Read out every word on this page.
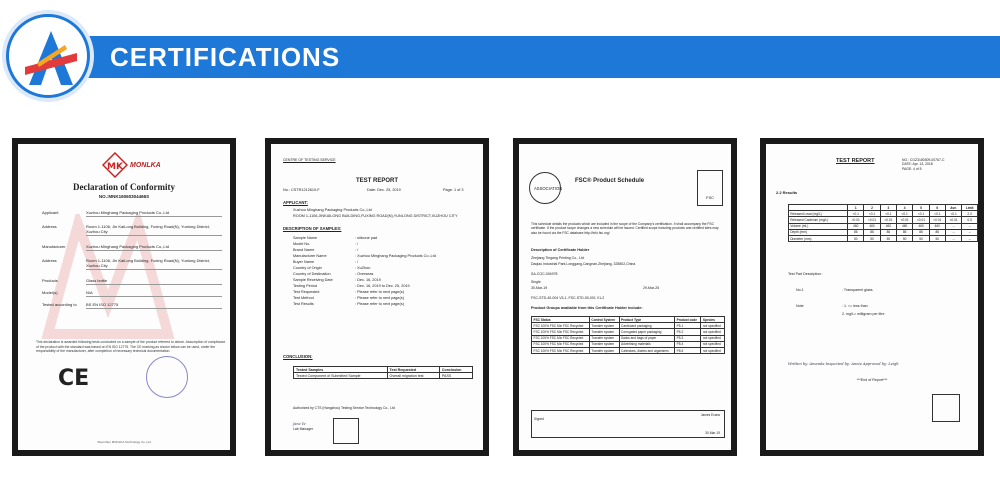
CERTIFICATIONS
▷
MK MONLKA
Declaration of Conformity
NO.:MNK16060304466S
Applicant	Xuzhou Minghang Packaging Products Co.,Ltd
Address	Room 1-1106, Jin KaiLong Building, Fuxing Road(N), Yunlong District, Xuzhou City
Manufacturer	Xuzhou Minghang Packaging Products Co.,Ltd
Address	Room 1-1106, Jin KaiLong Building, Fuxing Road(N), Yunlong District, Xuzhou City
Products	Glass bottle
Model(s)	N/A
Tested according to	BS EN ISO 12775
This declaration is awarded following tests conducted on a sample of the product referred to above. Assumption of compliance of the product with the standard was based on EN ISO 12775. The CE marking as shown below can be used, under the responsibility of the manufacturer, after completion of necessary technical documentation.
CE
Shenzhen MONLKA Technology Co.,Ltd
CENTRE OF TESTING SERVICE
TEST REPORT
No.: CSTR1212610-F	Date: Dec. 25, 2019	Page: 1 of 3
APPLICANT:
Xuzhou Minghang Packaging Products Co.,Ltd
ROOM 1-1106,JINKAILONG BUILDING,FUXING ROAD(N),YUNLONG DISTRICT,XUZHOU CITY
DESCRIPTION OF SAMPLES:
Sample Name	: silicone pad
Model No.	: /
Brand Name	: /
Manufacturer Name	: Xuzhou Minghang Packaging Products Co.,Ltd
Buyer Name	: /
Country of Origin	: XuZhou
Country of Destination	: Overseas
Sample Receiving Date	: Dec. 16, 2019
Testing Period	: Dec. 16, 2019 to Dec. 25, 2019
Test Requested	: Please refer to next page(s)
Test Method	: Please refer to next page(s)
Test Results	: Please refer to next page(s)
CONCLUSION:
Tested Samples	Test Requested	Conclusion
Tested Component of Submitted Sample	Overall migration test	PASS
Authorized by CTS (Hangzhou) Testing Service Technology Co., Ltd
Jane Ye
Lab Manager
ASSOCIATION
FSC® Product Schedule
FSC
This schedule details the products which are included in the scope of the Company's certification. It shall accompany the FSC certificate. If the product scope changes a new schedule will be issued. Certified scope including products and certified sites may also be found via the FSC database http://info.fsc.org/
Description of Certificate Holder
Zhejiang Tiegang Printing Co., Ltd
Daqiao Industrial Park,Longgang,Cangnan,Zhejiang, 325802,China
SA-COC-004978
Single
30-Mar-19	29-Mar-25
FSC-STD-40-004 V3-1, FSC-STD-50-001 V1-2
Product Groups available from this Certificate Holder include:
FSC Status	Control System	Product Type	Product code	Species
FSC 100% FSC Mix FSC Recycled	Transfer system	Cardboard packaging	P5.1	not specified
FSC 100% FSC Mix FSC Recycled	Transfer system	Corrugated paper packaging	P5.2	not specified
FSC 100% FSC Mix FSC Recycled	Transfer system	Sacks and bags of paper	P5.3	not specified
FSC 100% FSC Mix FSC Recycled	Transfer system	Advertising materials	P8.4	not specified
FSC 100% FSC Mix FSC Recycled	Transfer system	Calendars, diaries and organisers	P8.6	not specified
Signed
James Evans
30-Mar-19
TEST REPORT	NO.: CGZ3180309-00767-C
DATE: Apr. 13, 2018
PAGE: 4 of 5
2.2 Results
	1	2	3	4	5	6	Ave.	Limit
Released Lead (mg/L)	<0.1	<0.1	<0.1	<0.1	<0.1	<0.1	<0.1	2.0
Released Cadmium (mg/L)	<0.01	<0.01	<0.01	<0.01	<0.01	<0.01	<0.01	0.5
Volume (mL)	460	460	460	460	460	460	--	--
Depth (mm)	86	86	86	86	86	86	--	--
Diameter (mm)	50	50	50	50	50	50	--	--
Test Part Description :
No.1	: Transparent glass
Note	: 1. <= less than
2. mg/L= milligram per litre
Written by: Amanda Inspected by: Annie Approved by: Leigh
***End of Report***
